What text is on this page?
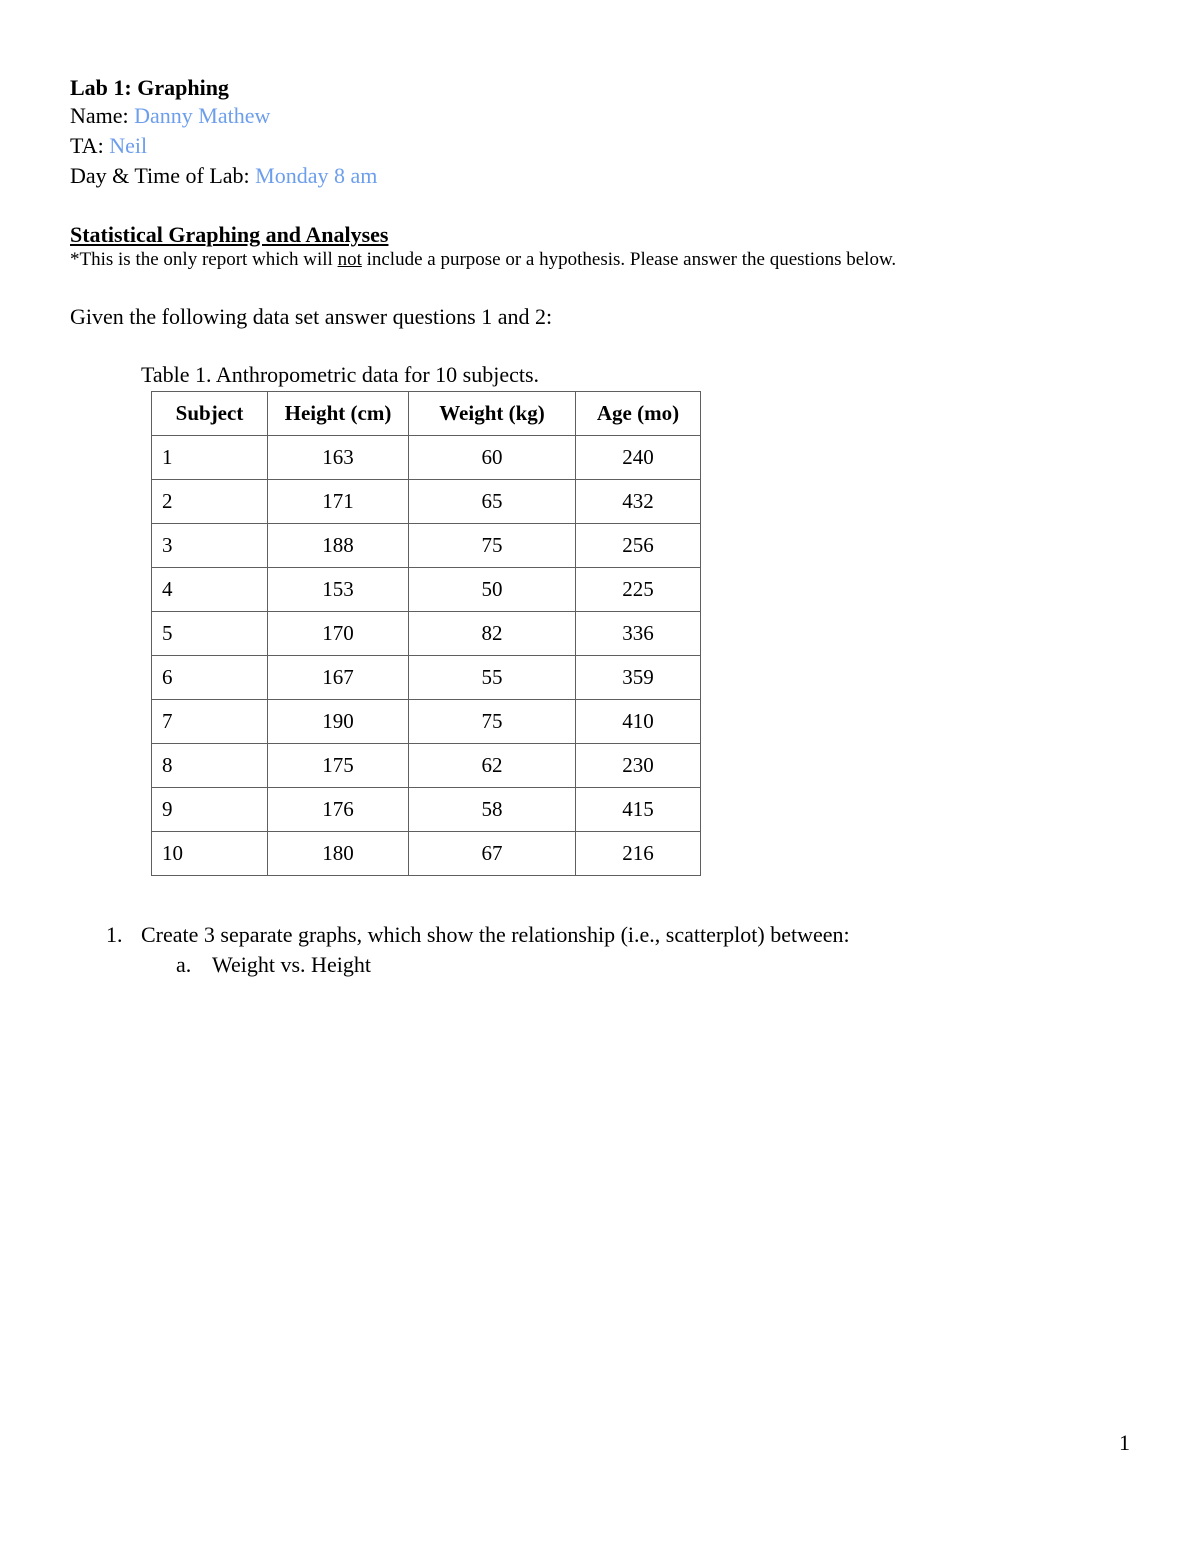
Lab 1: Graphing
Name: Danny Mathew
TA: Neil
Day & Time of Lab: Monday 8 am
Statistical Graphing and Analyses
*This is the only report which will not include a purpose or a hypothesis. Please answer the questions below.
Given the following data set answer questions 1 and 2:
Table 1. Anthropometric data for 10 subjects.
Subject	Height (cm)	Weight (kg)	Age (mo)
1	163	60	240
2	171	65	432
3	188	75	256
4	153	50	225
5	170	82	336
6	167	55	359
7	190	75	410
8	175	62	230
9	176	58	415
10	180	67	216
1. Create 3 separate graphs, which show the relationship (i.e., scatterplot) between:
a. Weight vs. Height
1
